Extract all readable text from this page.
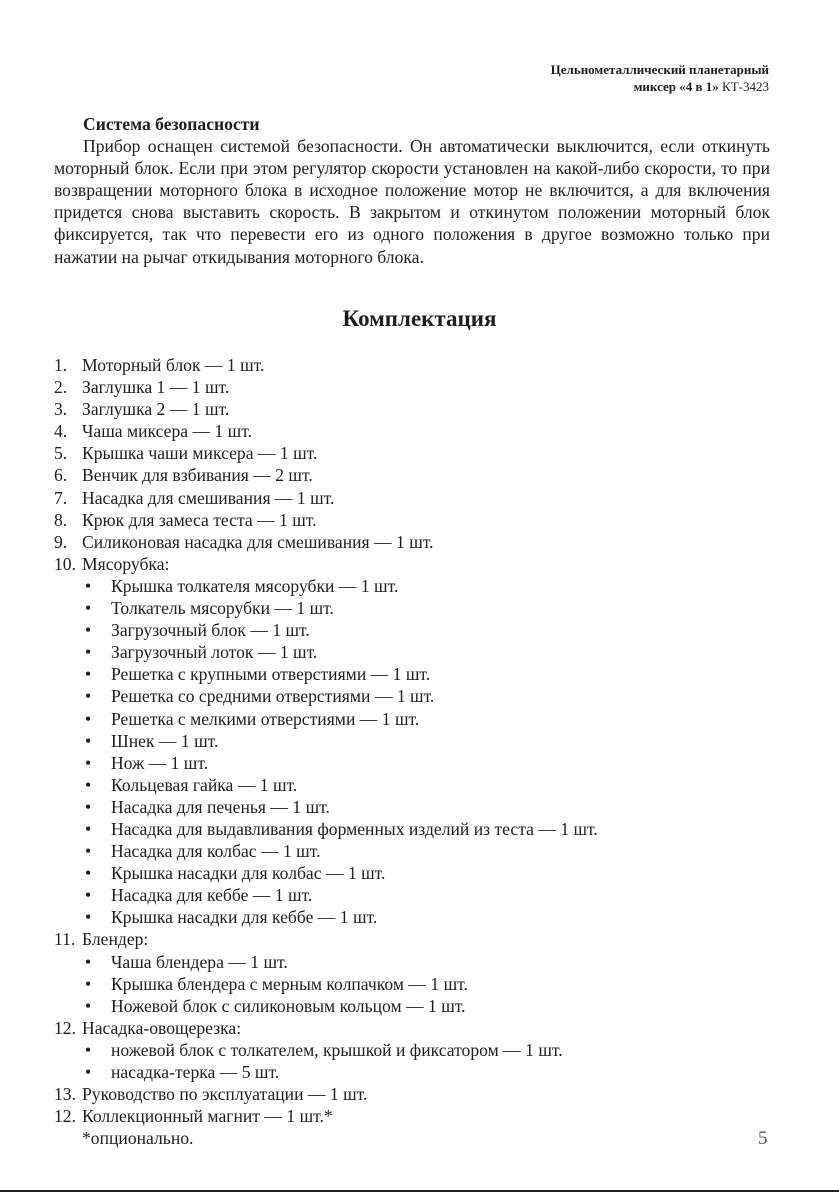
Цельнометаллический планетарный
миксер «4 в 1» КТ-3423
Система безопасности
Прибор оснащен системой безопасности. Он автоматически выключится, если откинуть моторный блок. Если при этом регулятор скорости установлен на какой-либо скорости, то при возвращении моторного блока в исходное положение мотор не включится, а для включения придется снова выставить скорость. В закрытом и откинутом положении моторный блок фиксируется, так что перевести его из одного положения в другое возможно только при нажатии на рычаг откидывания моторного блока.
Комплектация
1. Моторный блок — 1 шт.
2. Заглушка 1 — 1 шт.
3. Заглушка 2 — 1 шт.
4. Чаша миксера — 1 шт.
5. Крышка чаши миксера — 1 шт.
6. Венчик для взбивания — 2 шт.
7. Насадка для смешивания — 1 шт.
8. Крюк для замеса теста — 1 шт.
9. Силиконовая насадка для смешивания — 1 шт.
10. Мясорубка:
• Крышка толкателя мясорубки — 1 шт.
• Толкатель мясорубки — 1 шт.
• Загрузочный блок — 1 шт.
• Загрузочный лоток — 1 шт.
• Решетка с крупными отверстиями — 1 шт.
• Решетка со средними отверстиями — 1 шт.
• Решетка с мелкими отверстиями — 1 шт.
• Шнек — 1 шт.
• Нож — 1 шт.
• Кольцевая гайка — 1 шт.
• Насадка для печенья — 1 шт.
• Насадка для выдавливания форменных изделий из теста — 1 шт.
• Насадка для колбас — 1 шт.
• Крышка насадки для колбас — 1 шт.
• Насадка для кеббе — 1 шт.
• Крышка насадки для кеббе — 1 шт.
11. Блендер:
• Чаша блендера — 1 шт.
• Крышка блендера с мерным колпачком — 1 шт.
• Ножевой блок с силиконовым кольцом — 1 шт.
12. Насадка-овощерезка:
• ножевой блок с толкателем, крышкой и фиксатором — 1 шт.
• насадка-терка — 5 шт.
13. Руководство по эксплуатации — 1 шт.
12. Коллекционный магнит — 1 шт.*
*опционально.	5
